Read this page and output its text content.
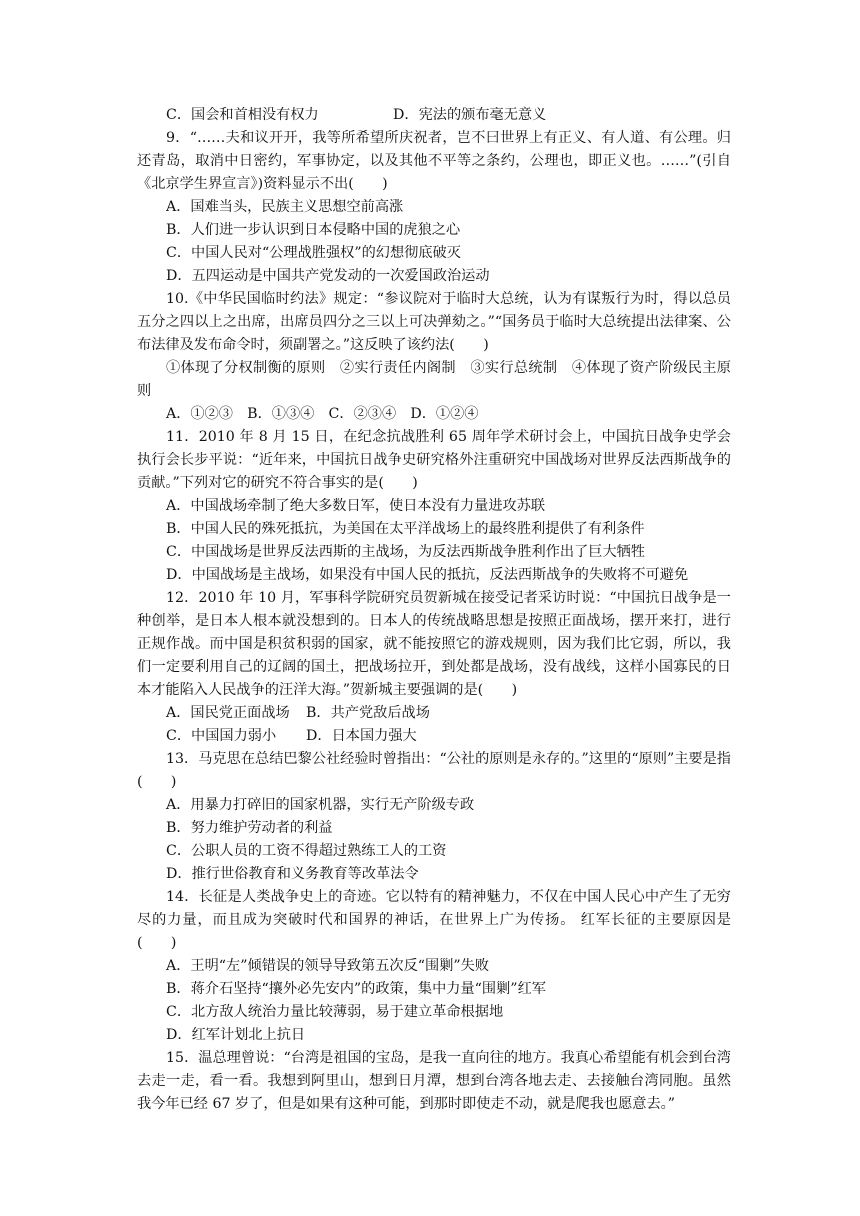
C．国会和首相没有权力	D．宪法的颁布毫无意义
9．“……夫和议开开，我等所希望所庆祝者，岂不曰世界上有正义、有人道、有公理。归还青岛，取消中日密约，军事协定，以及其他不平等之条约，公理也，即正义也。……”(引自《北京学生界宣言》)资料显示不出(　　)
A．国难当头，民族主义思想空前高涨
B．人们进一步认识到日本侵略中国的虎狼之心
C．中国人民对“公理战胜强权”的幻想彻底破灭
D．五四运动是中国共产党发动的一次爱国政治运动
10.《中华民国临时约法》规定：“参议院对于临时大总统，认为有谋叛行为时，得以总员五分之四以上之出席，出席员四分之三以上可决弹劾之。”“国务员于临时大总统提出法律案、公布法律及发布命令时，须副署之。”这反映了该约法(　　)
①体现了分权制衡的原则　②实行责任内阁制　③实行总统制　④体现了资产阶级民主原则
A．①②③　B．①③④　C．②③④　D．①②④
11．2010 年 8 月 15 日，在纪念抗战胜利 65 周年学术研讨会上，中国抗日战争史学会执行会长步平说：“近年来，中国抗日战争史研究格外注重研究中国战场对世界反法西斯战争的贡献。”下列对它的研究不符合事实的是(　　)
A．中国战场牵制了绝大多数日军，使日本没有力量进攻苏联
B．中国人民的殊死抵抗，为美国在太平洋战场上的最终胜利提供了有利条件
C．中国战场是世界反法西斯的主战场，为反法西斯战争胜利作出了巨大牺牲
D．中国战场是主战场，如果没有中国人民的抵抗，反法西斯战争的失败将不可避免
12．2010 年 10 月，军事科学院研究员贺新城在接受记者采访时说：“中国抗日战争是一种创举，是日本人根本就没想到的。日本人的传统战略思想是按照正面战场，摆开来打，进行正规作战。而中国是积贫积弱的国家，就不能按照它的游戏规则，因为我们比它弱，所以，我们一定要利用自己的辽阔的国土，把战场拉开，到处都是战场，没有战线，这样小国寡民的日本才能陷入人民战争的汪洋大海。”贺新城主要强调的是(　　)
A．国民党正面战场 B．共产党敌后战场
C．中国国力弱小 D．日本国力强大
13．马克思在总结巴黎公社经验时曾指出：“公社的原则是永存的。”这里的“原则”主要是指(　　)
A．用暴力打碎旧的国家机器，实行无产阶级专政
B．努力维护劳动者的利益
C．公职人员的工资不得超过熟练工人的工资
D．推行世俗教育和义务教育等改革法令
14．长征是人类战争史上的奇迹。它以特有的精神魅力，不仅在中国人民心中产生了无穷尽的力量，而且成为突破时代和国界的神话，在世界上广为传扬。 红军长征的主要原因是(　　)
A．王明“左”倾错误的领导导致第五次反“围剿”失败
B．蒋介石坚持“攘外必先安内”的政策，集中力量“围剿”红军
C．北方敌人统治力量比较薄弱，易于建立革命根据地
D．红军计划北上抗日
15．温总理曾说：“台湾是祖国的宝岛，是我一直向往的地方。我真心希望能有机会到台湾去走一走，看一看。我想到阿里山，想到日月潭，想到台湾各地去走、去接触台湾同胞。虽然我今年已经 67 岁了，但是如果有这种可能，到那时即使走不动，就是爬我也愿意去。”
